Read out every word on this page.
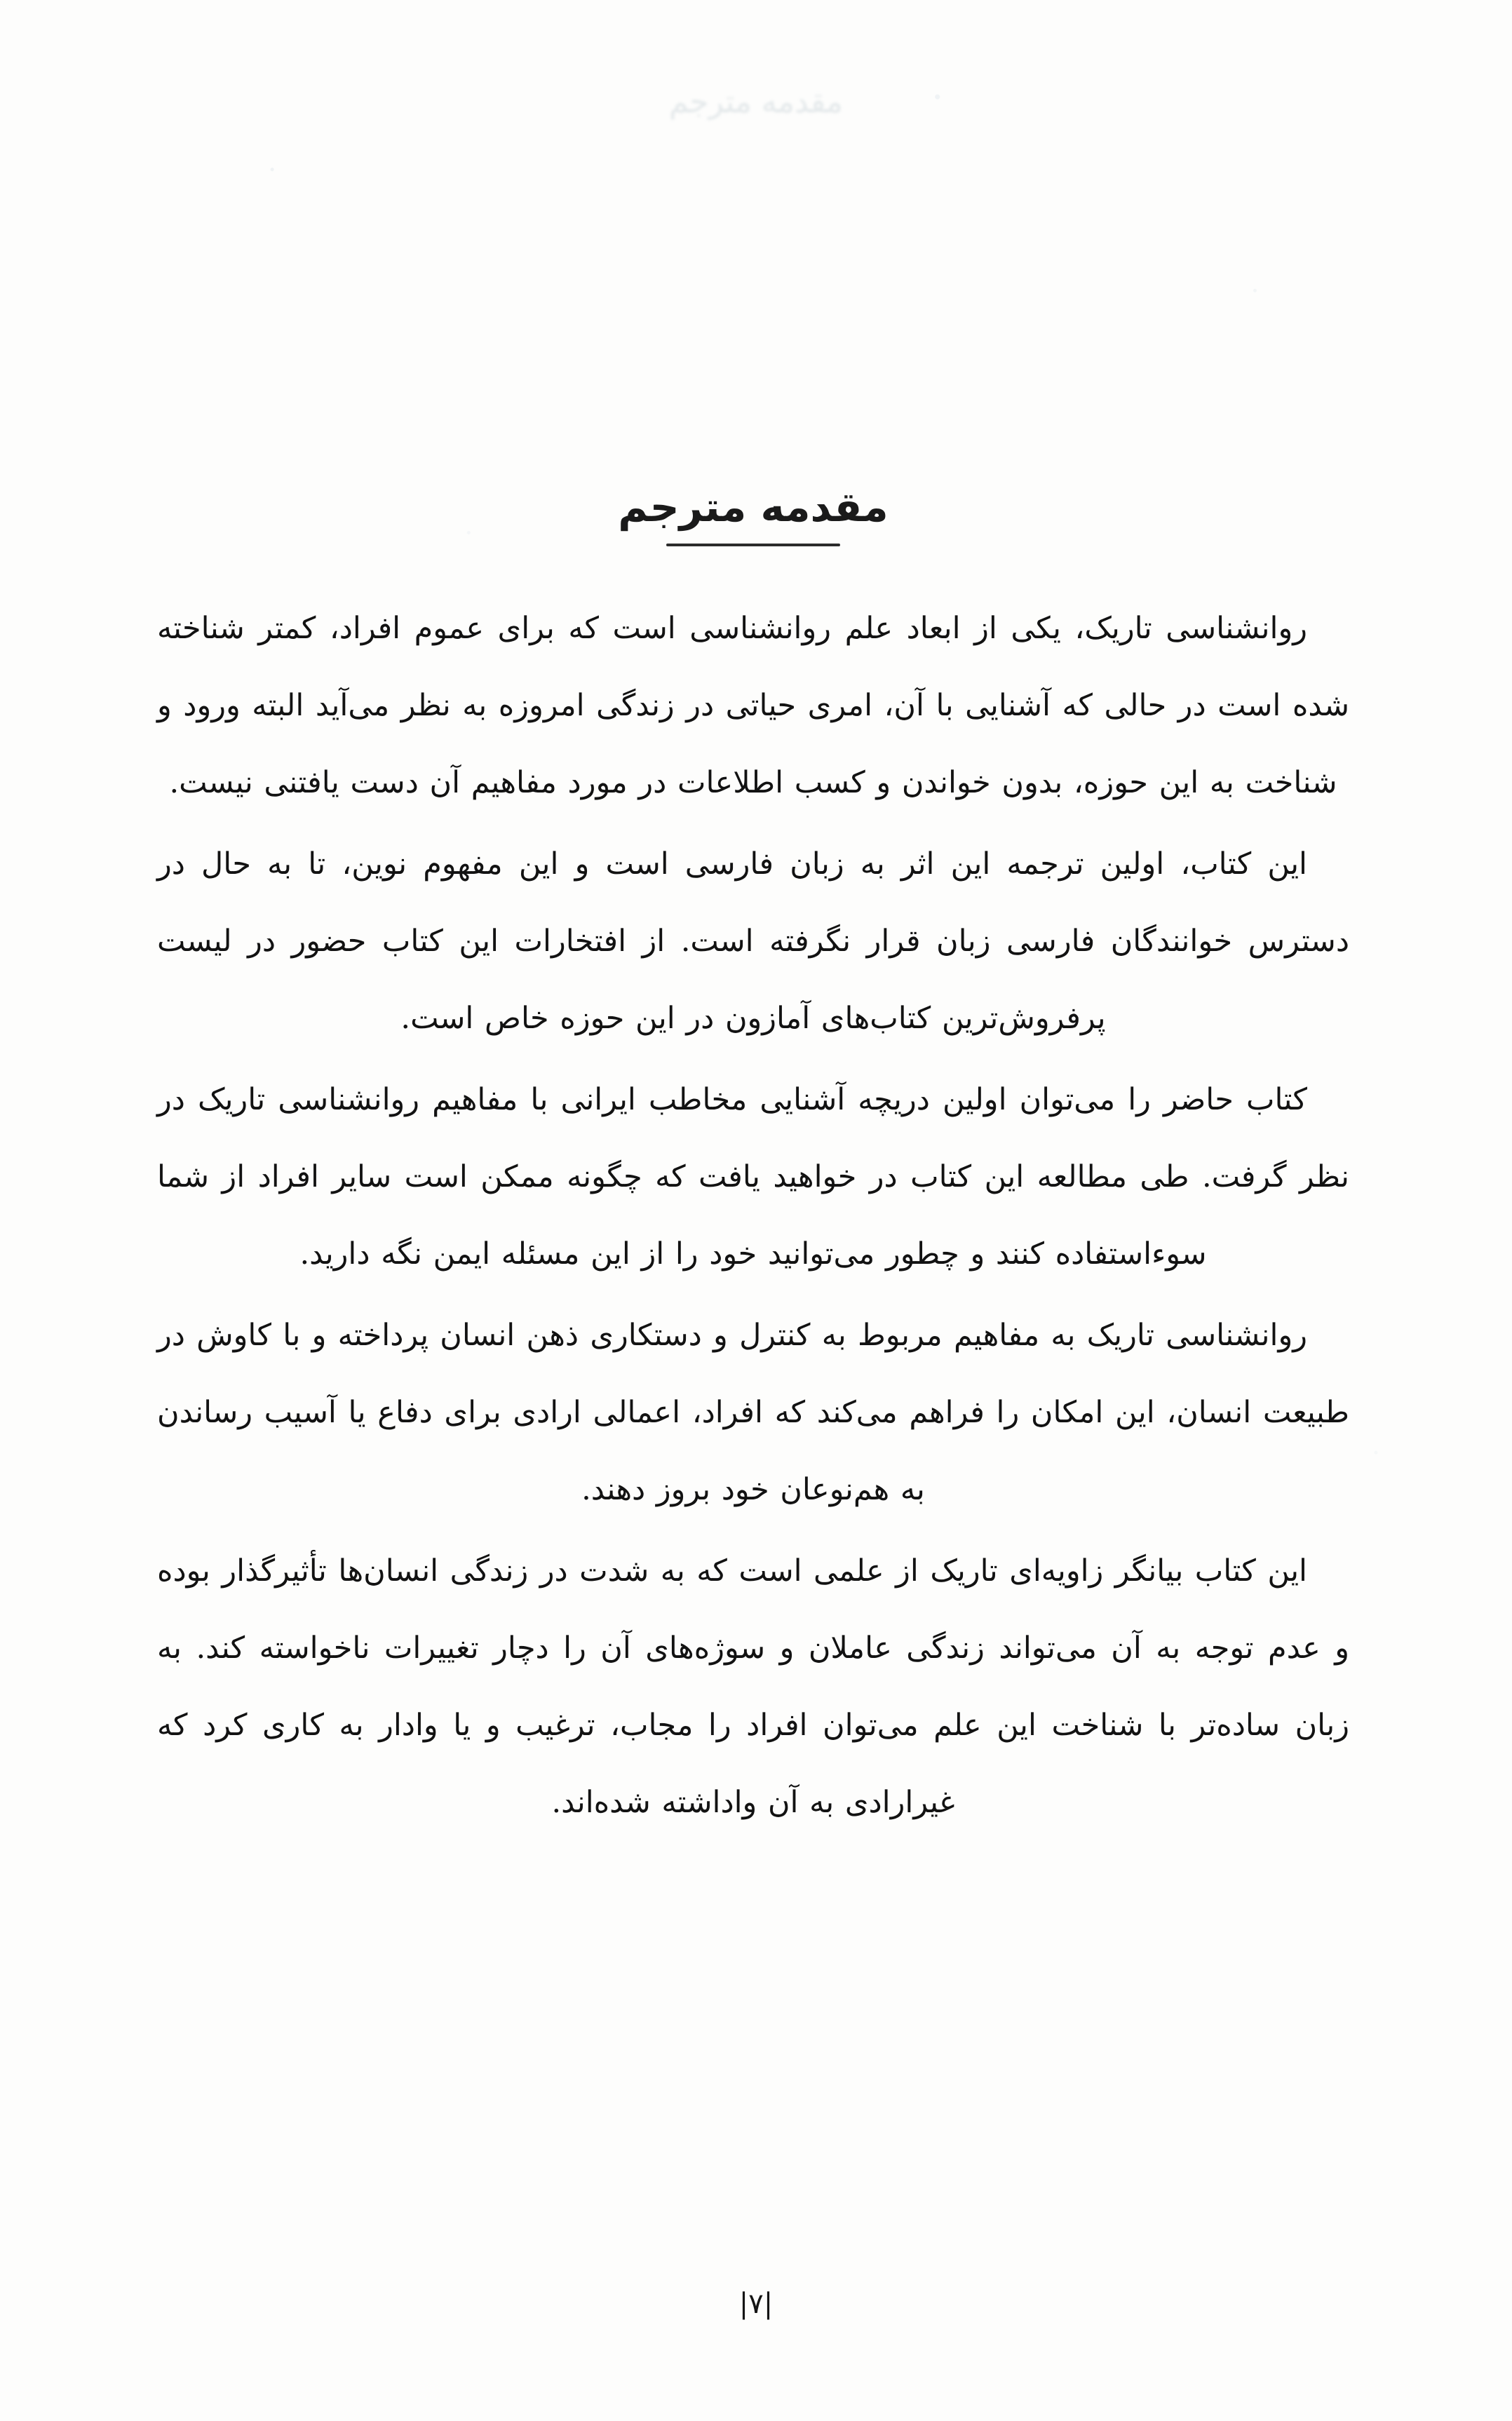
مقدمه مترجم
مقدمه مترجم

روانشناسی تاریک، یکی از ابعاد علم روانشناسی است که برای عموم افراد، کمتر شناخته شده است در حالی که آشنایی با آن، امری حیاتی در زندگی امروزه به نظر می‌آید البته ورود و شناخت به این حوزه، بدون خواندن و کسب اطلاعات در مورد مفاهیم آن دست یافتنی نیست.

این کتاب، اولین ترجمه این اثر به زبان فارسی است و این مفهوم نوین، تا به حال در دسترس خوانندگان فارسی زبان قرار نگرفته است. از افتخارات این کتاب حضور در لیست پرفروش‌ترین کتاب‌های آمازون در این حوزه خاص است.

کتاب حاضر را می‌توان اولین دریچه آشنایی مخاطب ایرانی با مفاهیم روانشناسی تاریک در نظر گرفت. طی مطالعه این کتاب در خواهید یافت که چگونه ممکن است سایر افراد از شما سوءاستفاده کنند و چطور می‌توانید خود را از این مسئله ایمن نگه دارید.

روانشناسی تاریک به مفاهیم مربوط به کنترل و دستکاری ذهن انسان پرداخته و با کاوش در طبیعت انسان، این امکان را فراهم می‌کند که افراد، اعمالی ارادی برای دفاع یا آسیب رساندن به هم‌نوعان خود بروز دهند.

این کتاب بیانگر زاویه‌ای تاریک از علمی است که به شدت در زندگی انسان‌ها تأثیرگذار بوده و عدم توجه به آن می‌تواند زندگی عاملان و سوژه‌های آن را دچار تغییرات ناخواسته کند. به زبان ساده‌تر با شناخت این علم می‌توان افراد را مجاب، ترغیب و یا وادار به کاری کرد که غیرارادی به آن واداشته شده‌اند.

|۷|
